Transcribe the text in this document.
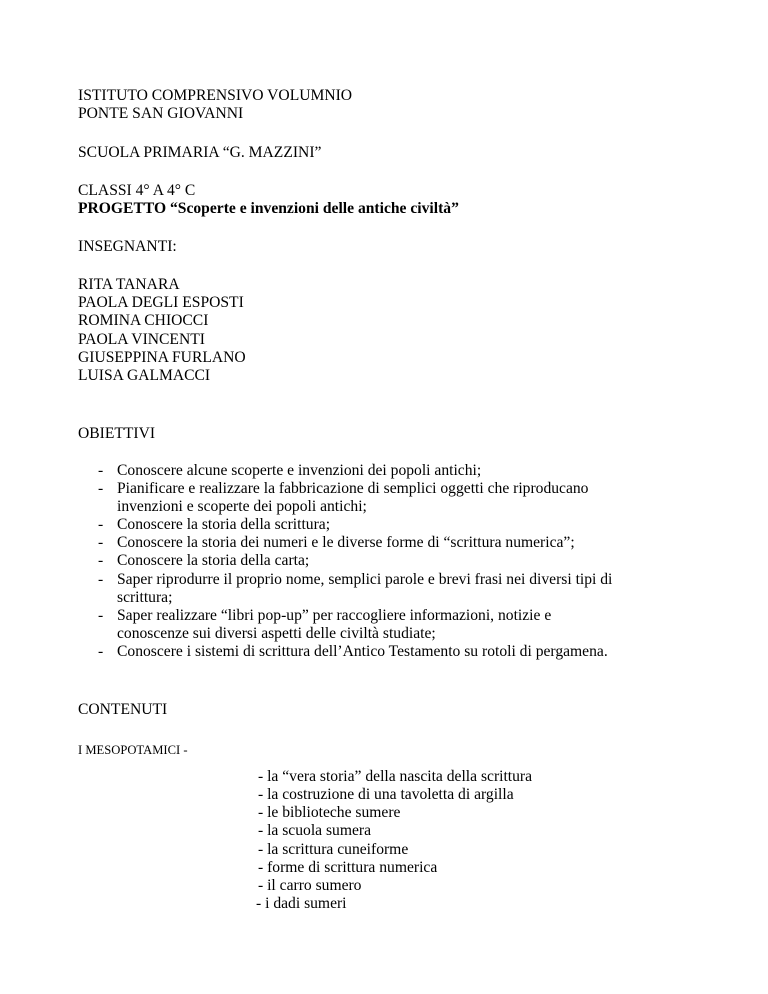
ISTITUTO COMPRENSIVO VOLUMNIO
PONTE SAN GIOVANNI
SCUOLA PRIMARIA “G. MAZZINI”
CLASSI 4° A 4° C
PROGETTO “Scoperte e invenzioni delle antiche civiltà”
INSEGNANTI:
RITA TANARA
PAOLA DEGLI ESPOSTI
ROMINA CHIOCCI
PAOLA VINCENTI
GIUSEPPINA FURLANO
LUISA GALMACCI
OBIETTIVI
- Conoscere alcune scoperte e invenzioni dei popoli antichi;
- Pianificare e realizzare la fabbricazione di semplici oggetti che riproducano
invenzioni e scoperte dei popoli antichi;
- Conoscere la storia della scrittura;
- Conoscere la storia dei numeri e le diverse forme di “scrittura numerica”;
- Conoscere la storia della carta;
- Saper riprodurre il proprio nome, semplici parole e brevi frasi nei diversi tipi di
scrittura;
- Saper realizzare “libri pop-up” per raccogliere informazioni, notizie e
conoscenze sui diversi aspetti delle civiltà studiate;
- Conoscere i sistemi di scrittura dell’Antico Testamento su rotoli di pergamena.
CONTENUTI
I MESOPOTAMICI -
- la “vera storia” della nascita della scrittura
- la costruzione di una tavoletta di argilla
- le biblioteche sumere
- la scuola sumera
- la scrittura cuneiforme
- forme di scrittura numerica
- il carro sumero
- i dadi sumeri
